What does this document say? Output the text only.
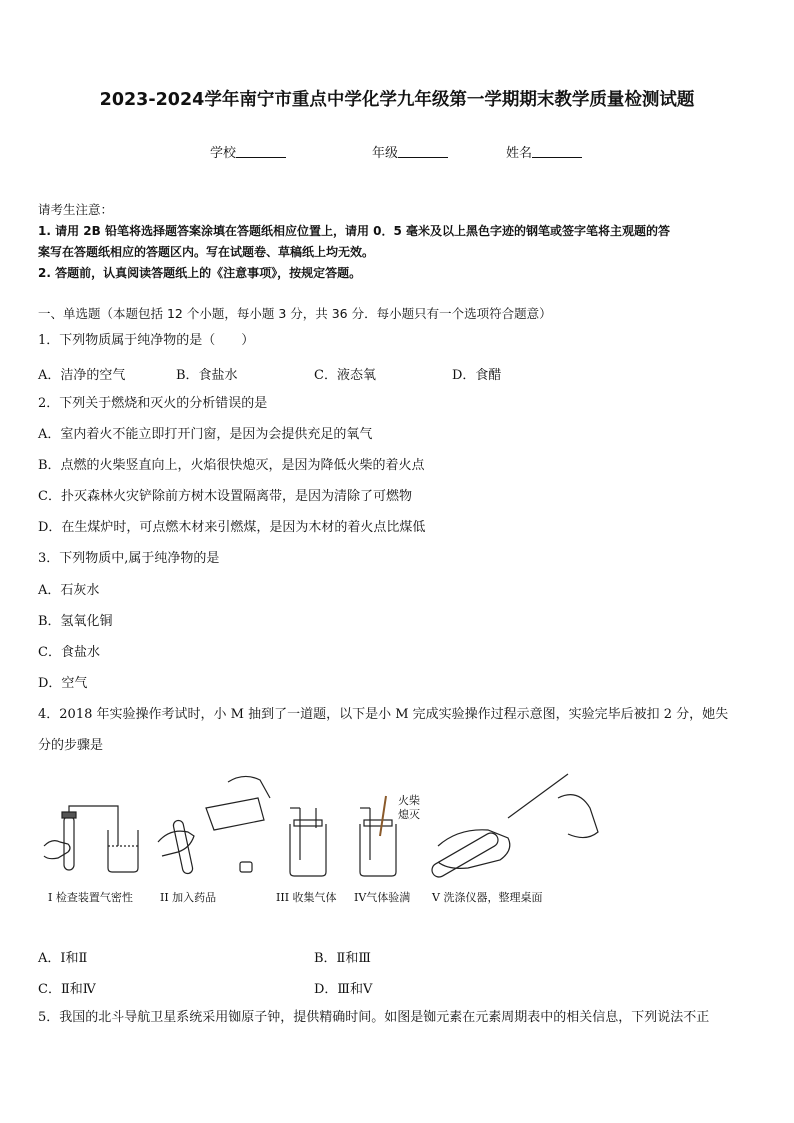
2023-2024学年南宁市重点中学化学九年级第一学期期末教学质量检测试题
学校	年级	姓名
请考生注意：
1. 请用 2B 铅笔将选择题答案涂填在答题纸相应位置上，请用 0．5 毫米及以上黑色字迹的钢笔或签字笔将主观题的答
案写在答题纸相应的答题区内。写在试题卷、草稿纸上均无效。
2. 答题前，认真阅读答题纸上的《注意事项》，按规定答题。
一、单选题（本题包括 12 个小题，每小题 3 分，共 36 分．每小题只有一个选项符合题意）
1．下列物质属于纯净物的是（　　）
A．洁净的空气	B．食盐水	C．液态氧	D．食醋
2．下列关于燃烧和灭火的分析错误的是
A．室内着火不能立即打开门窗，是因为会提供充足的氧气
B．点燃的火柴竖直向上，火焰很快熄灭，是因为降低火柴的着火点
C．扑灭森林火灾铲除前方树木设置隔离带，是因为清除了可燃物
D．在生煤炉时，可点燃木材来引燃煤，是因为木材的着火点比煤低
3．下列物质中,属于纯净物的是
A．石灰水
B．氢氧化铜
C．食盐水
D．空气
4．2018 年实验操作考试时，小 M 抽到了一道题，以下是小 M 完成实验操作过程示意图，实验完毕后被扣 2 分，她失
分的步骤是
火柴熄灭
I 检查装置气密性 II 加入药品	III 收集气体 IV气体验满 V 洗涤仪器，整理桌面
A．Ⅰ和Ⅱ	B．Ⅱ和Ⅲ
C．Ⅱ和Ⅳ	D．Ⅲ和Ⅴ
5．我国的北斗导航卫星系统采用铷原子钟，提供精确时间。如图是铷元素在元素周期表中的相关信息，下列说法不正
